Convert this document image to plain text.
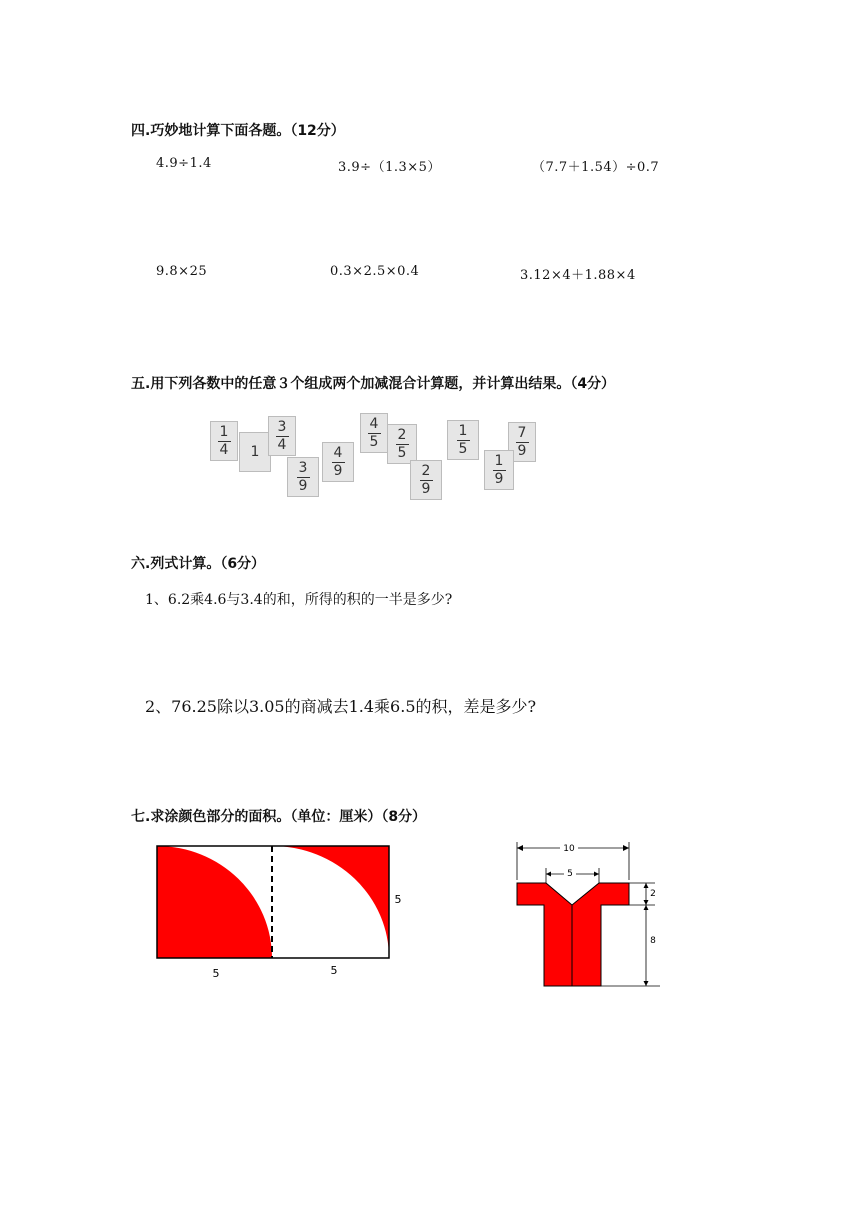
四.巧妙地计算下面各题。（12分）
4.9÷1.4	3.9÷（1.3×5）	（7.7＋1.54）÷0.7
9.8×25	0.3×2.5×0.4	3.12×4＋1.88×4
五.用下列各数中的任意３个组成两个加减混合计算题，并计算出结果。（4分）
1
4 1
3
4
3
9
4
9
4
5 2
5
2
9
1
5
7
9
1
9
六.列式计算。（6分）
1、6.2乘4.6与3.4的和，所得的积的一半是多少?
2、76.25除以3.05的商减去1.4乘6.5的积，差是多少?
七.求涂颜色部分的面积。（单位：厘米）（8分）
5	5
5
10
5
2
8
